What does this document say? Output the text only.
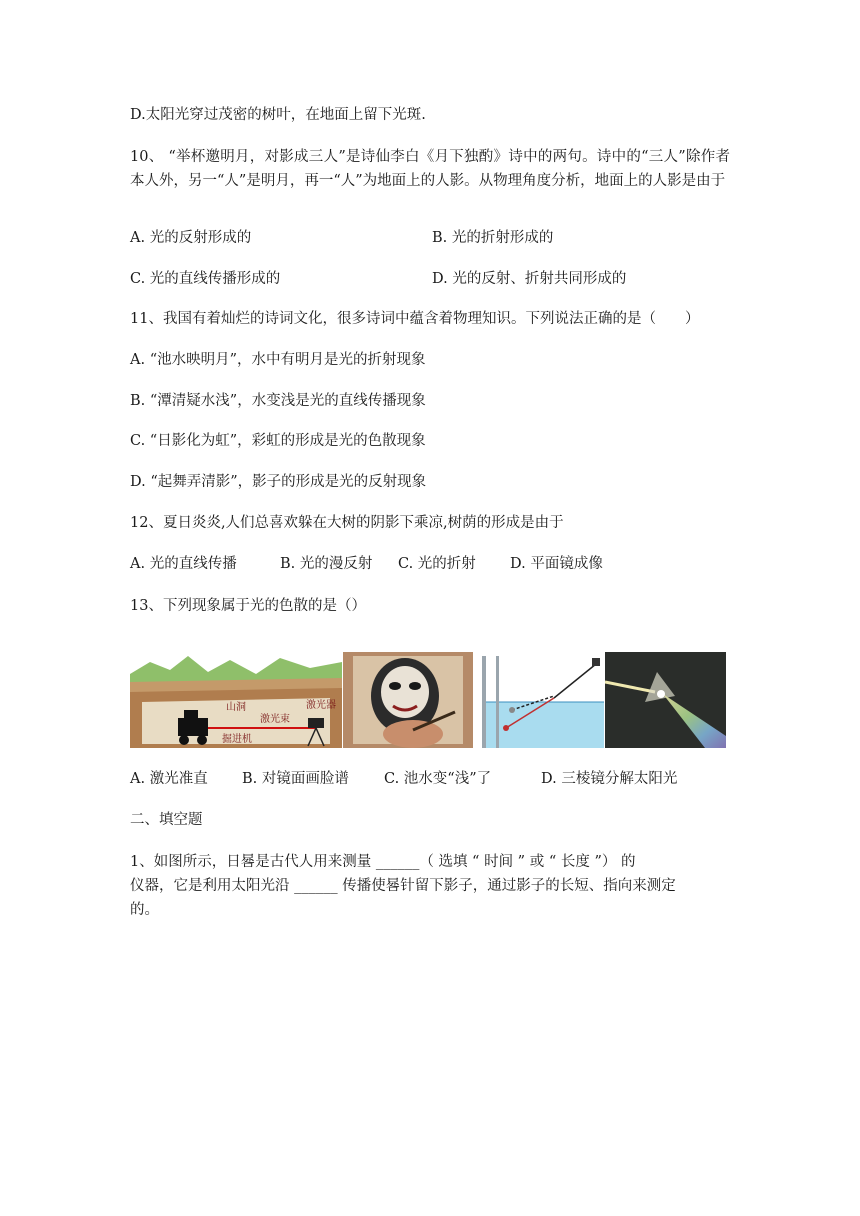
D.太阳光穿过茂密的树叶，在地面上留下光斑.
10、 “举杯邀明月，对影成三人”是诗仙李白《月下独酌》诗中的两句。诗中的“三人”除作者本人外，另一“人”是明月，再一“人”为地面上的人影。从物理角度分析，地面上的人影是由于
A. 光的反射形成的	B. 光的折射形成的
C. 光的直线传播形成的	D. 光的反射、折射共同形成的
11、我国有着灿烂的诗词文化，很多诗词中蕴含着物理知识。下列说法正确的是（　　）
A. “池水映明月”，水中有明月是光的折射现象
B. “潭清疑水浅”，水变浅是光的直线传播现象
C. “日影化为虹”，彩虹的形成是光的色散现象
D. “起舞弄清影”，影子的形成是光的反射现象
12、夏日炎炎,人们总喜欢躲在大树的阴影下乘凉,树荫的形成是由于
A. 光的直线传播	B. 光的漫反射 C. 光的折射 D. 平面镜成像
13、下列现象属于光的色散的是（）
山洞	激光器
激光束
掘进机
A. 激光准直 B. 对镜面画脸谱 C. 池水变“浅”了	D. 三棱镜分解太阳光
二、填空题
1、如图所示，日晷是古代人用来测量 ______（ 选填 “ 时间 ” 或 “ 长度 ”） 的
仪器，它是利用太阳光沿 ______ 传播使晷针留下影子，通过影子的长短、指向来测定
的。
